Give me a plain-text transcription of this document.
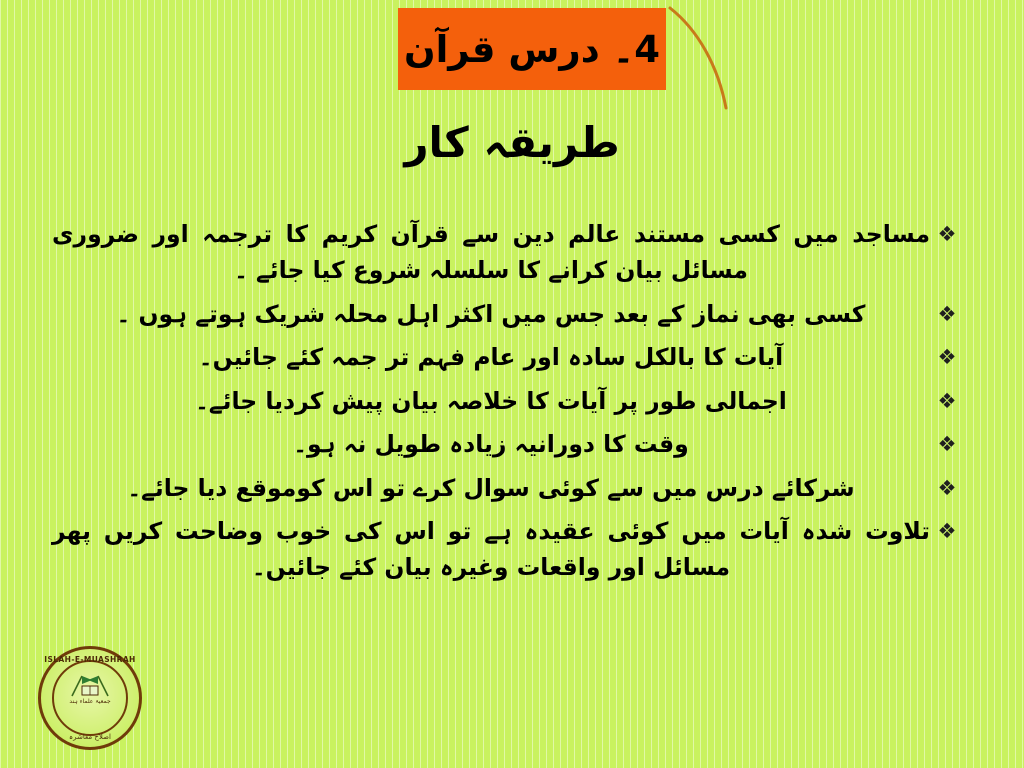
4۔ درس قرآن
طریقہ کار
❖
مساجد میں کسی مستند عالم دین سے قرآن کریم کا ترجمہ اور ضروری مسائل بیان کرانے کا سلسلہ شروع کیا جائے ۔
❖
کسی بھی نماز کے بعد جس میں اکثر اہل محلہ شریک ہوتے ہوں ۔
❖
آیات کا بالکل سادہ اور عام فہم تر جمہ کئے جائیں۔
❖
اجمالی طور پر آیات کا خلاصہ بیان پیش کردیا جائے۔
❖
وقت کا دورانیہ زیادہ طویل نہ ہو۔
❖
شرکائے درس میں سے کوئی سوال کرے تو اس کوموقع دیا جائے۔
❖
تلاوت شدہ آیات میں کوئی عقیدہ ہے تو اس کی خوب وضاحت کریں پھر مسائل اور واقعات وغیرہ بیان کئے جائیں۔
ISLAH-E-MUASHRAH
جمعیۃ علماء ہند
اصلاح معاشرہ
